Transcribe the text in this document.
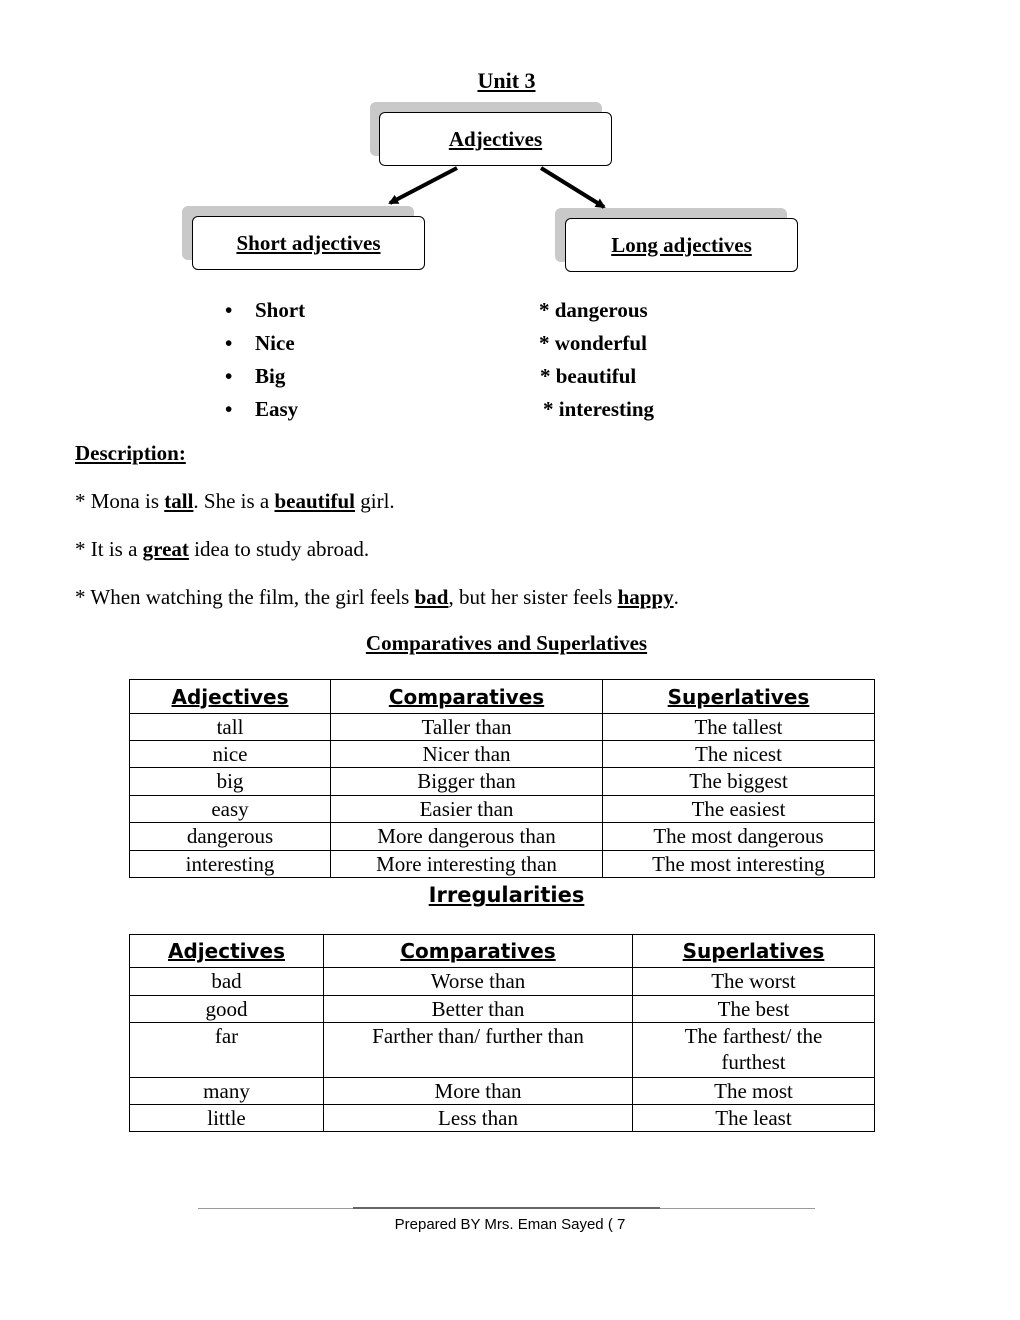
Unit 3
Adjectives
Short adjectives	Long adjectives
• Short
• Nice
• Big
• Easy
* dangerous
* wonderful
* beautiful
* interesting
Description:
* Mona is tall. She is a beautiful girl.
* It is a great idea to study abroad.
* When watching the film, the girl feels bad, but her sister feels happy.
Comparatives and Superlatives
Adjectives	Comparatives	Superlatives
tall	Taller than	The tallest
nice	Nicer than	The nicest
big	Bigger than	The biggest
easy	Easier than	The easiest
dangerous	More dangerous than	The most dangerous
interesting	More interesting than	The most interesting
Irregularities
Adjectives	Comparatives	Superlatives
bad	Worse than	The worst
good	Better than	The best
far	Farther than/ further than	The farthest/ the furthest
many	More than	The most
little	Less than	The least
Prepared BY Mrs. Eman Sayed ( 7
